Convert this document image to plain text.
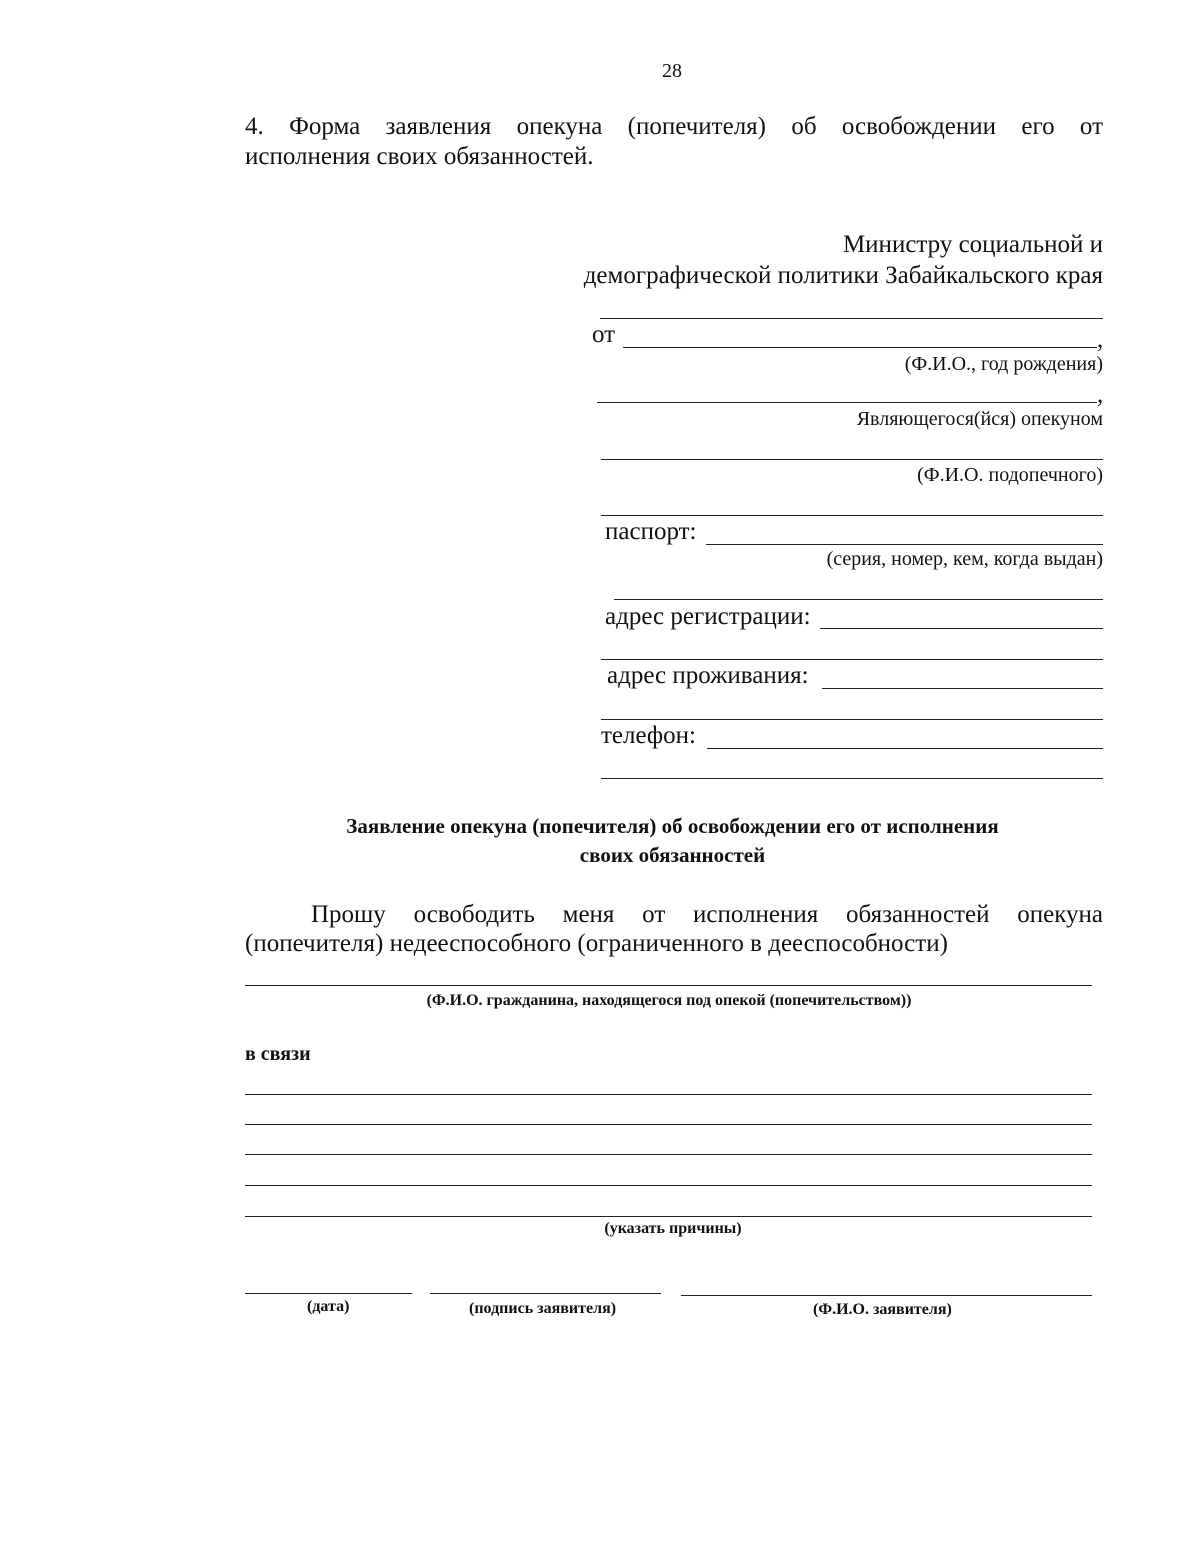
28
4. Форма заявления опекуна (попечителя) об освобождении его от
исполнения своих обязанностей.
Министру социальной и
демографической политики Забайкальского края
от	,
(Ф.И.О., год рождения)
,
Являющегося(йся) опекуном
(Ф.И.О. подопечного)
паспорт:
(серия, номер, кем, когда выдан)
адрес регистрации:
адрес проживания:
телефон:
Заявление опекуна (попечителя) об освобождении его от исполнения
своих обязанностей
Прошу освободить меня от исполнения обязанностей опекуна
(попечителя) недееспособного (ограниченного в дееспособности)
(Ф.И.О. гражданина, находящегося под опекой (попечительством))
в связи
(указать причины)
(дата)	(подпись заявителя)	(Ф.И.О. заявителя)
